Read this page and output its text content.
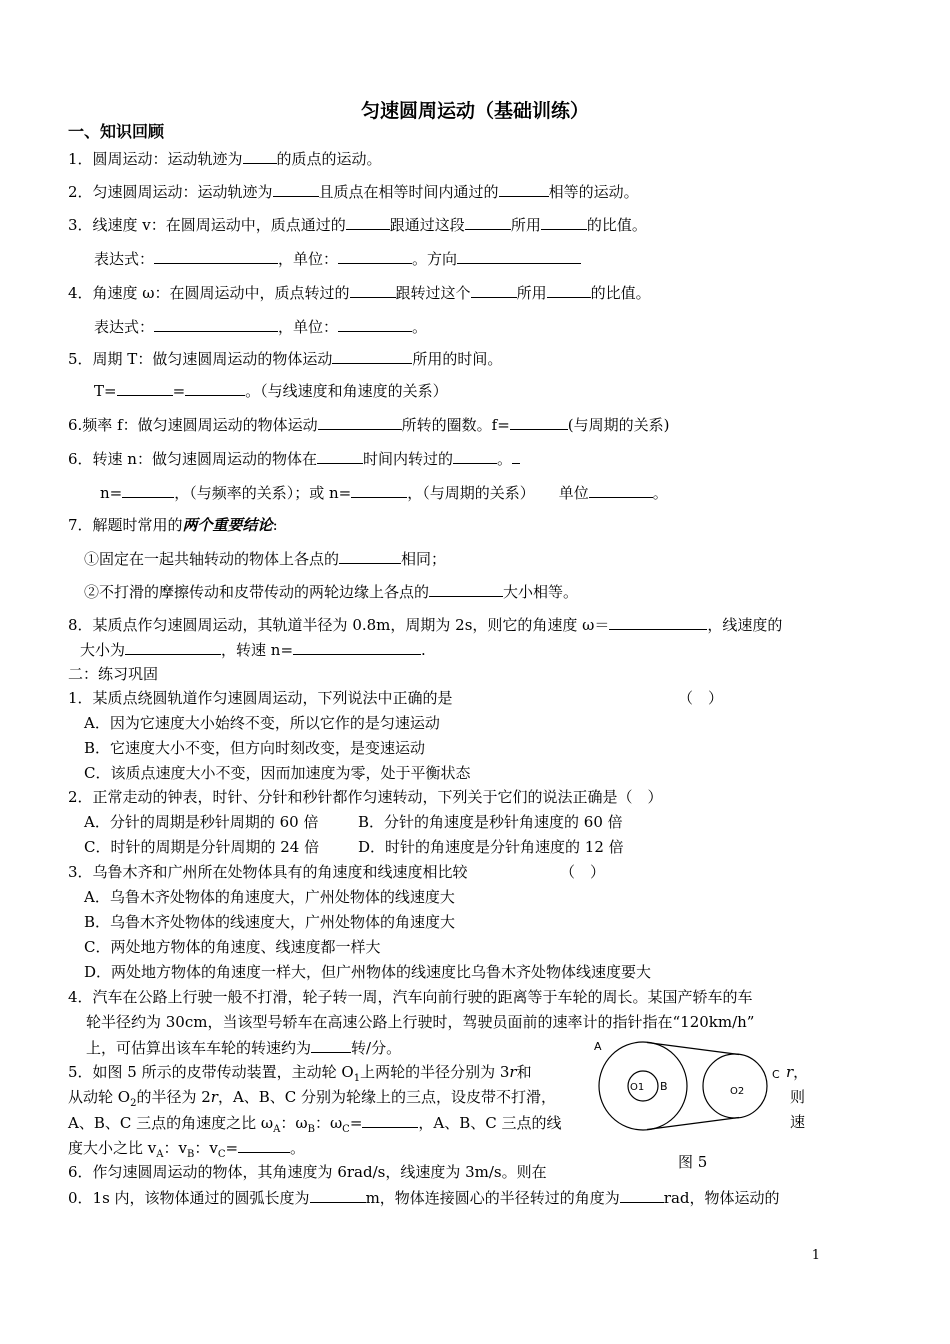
匀速圆周运动（基础训练）
一、知识回顾
1．圆周运动：运动轨迹为 的质点的运动。
2．匀速圆周运动：运动轨迹为	且质点在相等时间内通过的	相等的运动。
3．线速度 v：在圆周运动中，质点通过的	跟通过这段	所用	的比值。
表达式：	，单位：	。方向
4．角速度 ω：在圆周运动中，质点转过的	跟转过这个	所用	的比值。
表达式：	，单位：	。
5．周期 T：做匀速圆周运动的物体运动	所用的时间。
T=	=	。（与线速度和角速度的关系）
6.频率 f：做匀速圆周运动的物体运动	所转的圈数。f=	(与周期的关系)
6．转速 n：做匀速圆周运动的物体在	时间内转过的	。
n=	，（与频率的关系）；或 n=	，（与周期的关系） 单位	。
7．解题时常用的两个重要结论:
①固定在一起共轴转动的物体上各点的	相同；
②不打滑的摩擦传动和皮带传动的两轮边缘上各点的	大小相等。
8．某质点作匀速圆周运动，其轨道半径为 0.8m，周期为 2s，则它的角速度 ω＝	，线速度的
大小为	，转速 n=	.
二：练习巩固
1．某质点绕圆轨道作匀速圆周运动，下列说法中正确的是	（　）
A．因为它速度大小始终不变，所以它作的是匀速运动
B．它速度大小不变，但方向时刻改变，是变速运动
C．该质点速度大小不变，因而加速度为零，处于平衡状态
2．正常走动的钟表，时针、分针和秒针都作匀速转动，下列关于它们的说法正确是（　）
A．分针的周期是秒针周期的 60 倍	B．分针的角速度是秒针角速度的 60 倍
C．时针的周期是分针周期的 24 倍	D．时针的角速度是分针角速度的 12 倍
3．乌鲁木齐和广州所在处物体具有的角速度和线速度相比较	（　）
A．乌鲁木齐处物体的角速度大，广州处物体的线速度大
B．乌鲁木齐处物体的线速度大，广州处物体的角速度大
C．两处地方物体的角速度、线速度都一样大
D．两处地方物体的角速度一样大，但广州物体的线速度比乌鲁木齐处物体线速度要大
4．汽车在公路上行驶一般不打滑，轮子转一周，汽车向前行驶的距离等于车轮的周长。某国产轿车的车
轮半径约为 30cm，当该型号轿车在高速公路上行驶时，驾驶员面前的速率计的指针指在“120km/h”
上，可估算出该车车轮的转速约为	转/分。
5．如图 5 所示的皮带传动装置，主动轮 $O_1$上两轮的半径分别为 3r和
从动轮 $O_2$的半径为 2r，A、B、C 分别为轮缘上的三点，设皮带不打滑，
A、B、C 三点的角速度之比 $\omega_A$：$\omega_B$：$\omega_C=$	，A、B、C 三点的线
度大小之比 $v_A$：$v_B$：$v_C=$	。
r，
则
速
A
B
C
O1	O2
图 5
6．作匀速圆周运动的物体，其角速度为 6rad/s，线速度为 3m/s。则在
0．1s 内，该物体通过的圆弧长度为	m，物体连接圆心的半径转过的角度为	rad，物体运动的
1
